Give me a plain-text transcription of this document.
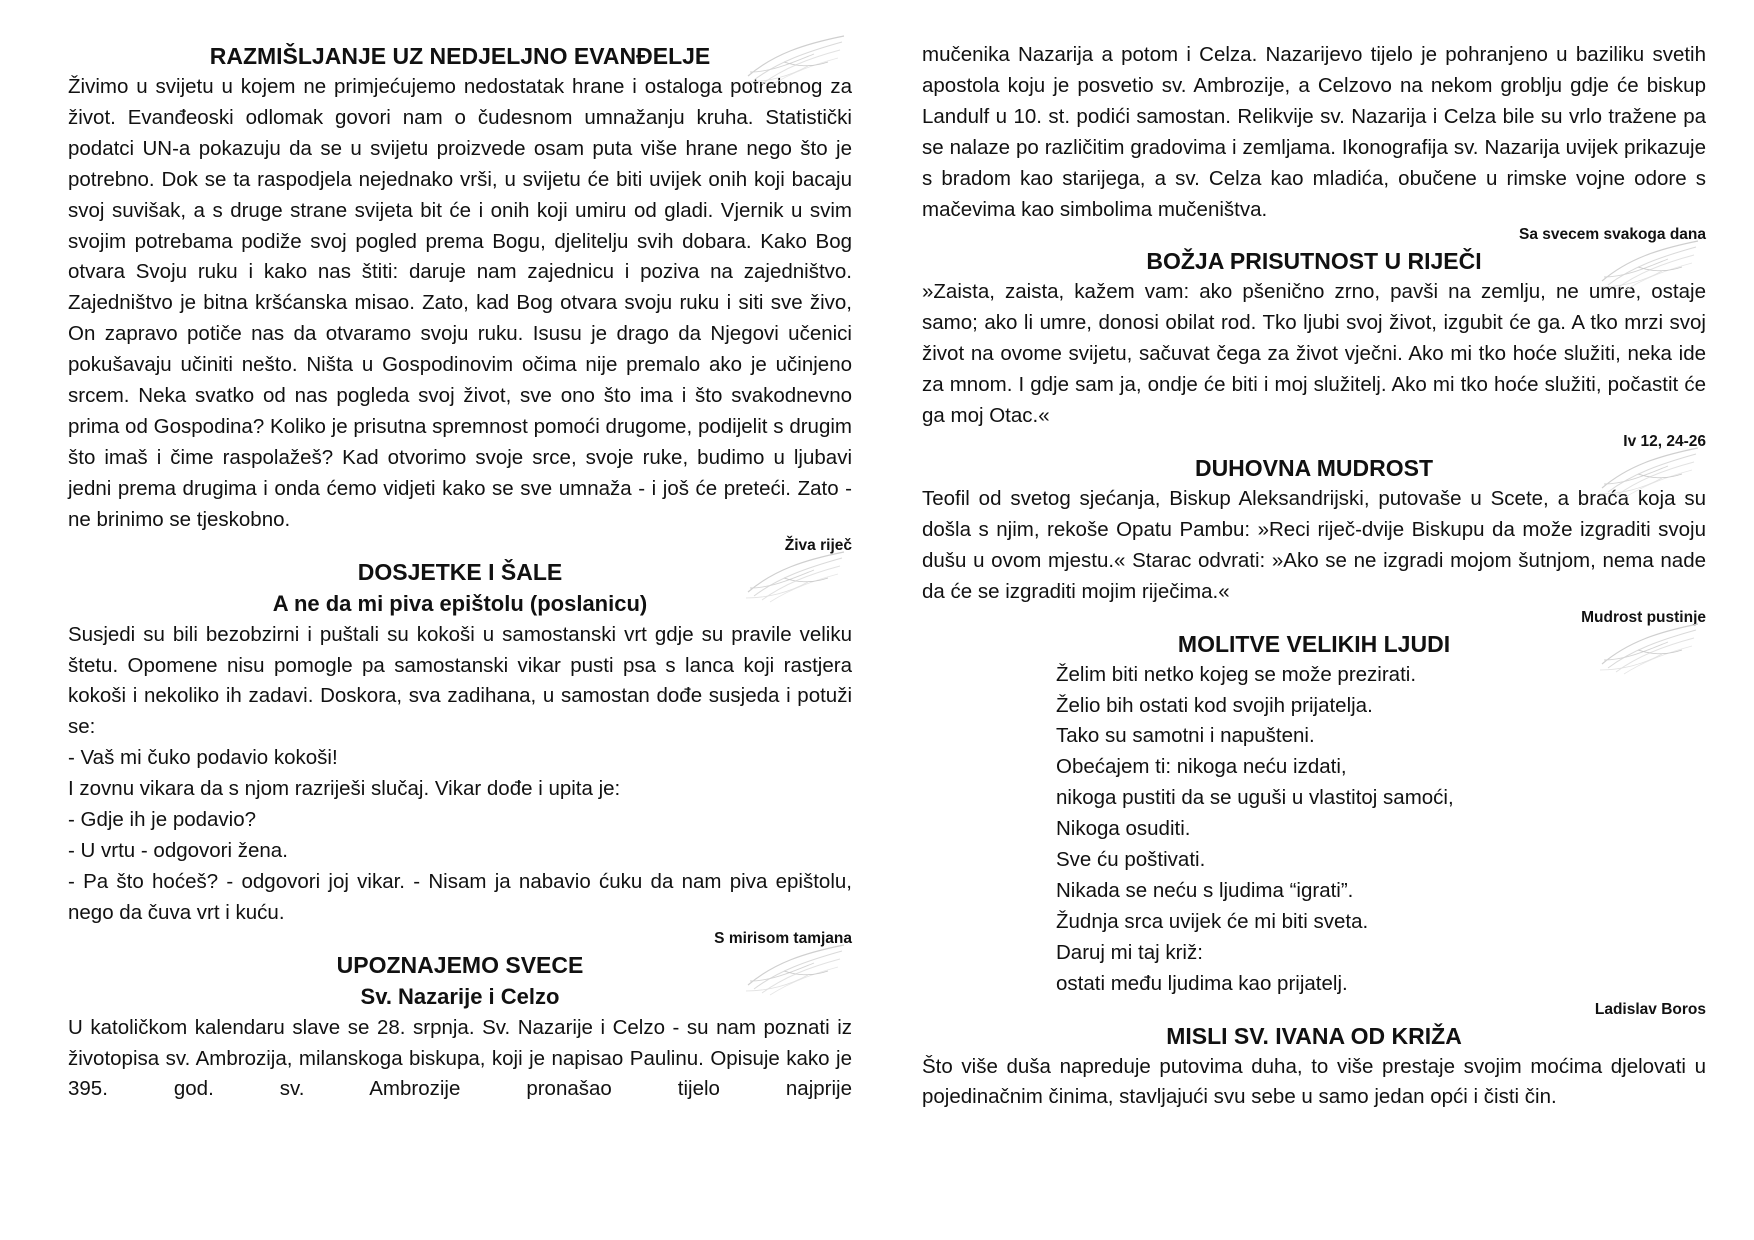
RAZMIŠLJANJE UZ NEDJELJNO EVANĐELJE

Živimo u svijetu u kojem ne primjećujemo nedostatak hrane i ostaloga potrebnog za život. Evanđeoski odlomak govori nam o čudesnom umnažanju kruha. Statistički podatci UN-a pokazuju da se u svijetu proizvede osam puta više hrane nego što je potrebno. Dok se ta raspodjela nejednako vrši, u svijetu će biti uvijek onih koji bacaju svoj suvišak, a s druge strane svijeta bit će i onih koji umiru od gladi. Vjernik u svim svojim potrebama podiže svoj pogled prema Bogu, djelitelju svih dobara. Kako Bog otvara Svoju ruku i kako nas štiti: daruje nam zajednicu i poziva na zajedništvo. Zajedništvo je bitna kršćanska misao. Zato, kad Bog otvara svoju ruku i siti sve živo, On zapravo potiče nas da otvaramo svoju ruku. Isusu je drago da Njegovi učenici pokušavaju učiniti nešto. Ništa u Gospodinovim očima nije premalo ako je učinjeno srcem. Neka svatko od nas pogleda svoj život, sve ono što ima i što svakodnevno prima od Gospodina? Koliko je prisutna spremnost pomoći drugome, podijelit s drugim što imaš i čime raspolažeš? Kad otvorimo svoje srce, svoje ruke, budimo u ljubavi jedni prema drugima i onda ćemo vidjeti kako se sve umnaža - i još će preteći. Zato - ne brinimo se tjeskobno.

Živa riječ

DOSJETKE I ŠALE

A ne da mi piva epištolu (poslanicu)

Susjedi su bili bezobzirni i puštali su kokoši u samostanski vrt gdje su pravile veliku štetu. Opomene nisu pomogle pa samostanski vikar pusti psa s lanca koji rastjera kokoši i nekoliko ih zadavi. Doskora, sva zadihana, u samostan dođe susjeda i potuži se:

- Vaš mi čuko podavio kokoši!

I zovnu vikara da s njom razriješi slučaj. Vikar dođe i upita je:

- Gdje ih je podavio?

- U vrtu - odgovori žena.

- Pa što hoćeš? - odgovori joj vikar. - Nisam ja nabavio ćuku da nam piva epištolu, nego da čuva vrt i kuću.

S mirisom tamjana

UPOZNAJEMO SVECE

Sv. Nazarije i Celzo

U katoličkom kalendaru slave se 28. srpnja. Sv. Nazarije i Celzo - su nam poznati iz životopisa sv. Ambrozija, milanskoga biskupa, koji je napisao Paulinu. Opisuje kako je 395. god. sv. Ambrozije pronašao tijelo najprije

mučenika Nazarija a potom i Celza. Nazarijevo tijelo je pohranjeno u baziliku svetih apostola koju je posvetio sv. Ambrozije, a Celzovo na nekom groblju gdje će biskup Landulf u 10. st. podići samostan. Relikvije sv. Nazarija i Celza bile su vrlo tražene pa se nalaze po različitim gradovima i zemljama. Ikonografija sv. Nazarija uvijek prikazuje s bradom kao starijega, a sv. Celza kao mladića, obučene u rimske vojne odore s mačevima kao simbolima mučeništva.

Sa svecem svakoga dana

BOŽJA PRISUTNOST U RIJEČI

»Zaista, zaista, kažem vam: ako pšenično zrno, pavši na zemlju, ne umre, ostaje samo; ako li umre, donosi obilat rod. Tko ljubi svoj život, izgubit će ga. A tko mrzi svoj život na ovome svijetu, sačuvat čega za život vječni. Ako mi tko hoće služiti, neka ide za mnom. I gdje sam ja, ondje će biti i moj služitelj. Ako mi tko hoće služiti, počastit će ga moj Otac.«

Iv 12, 24-26

DUHOVNA MUDROST

Teofil od svetog sjećanja, Biskup Aleksandrijski, putovaše u Scete, a braća koja su došla s njim, rekoše Opatu Pambu: »Reci riječ-dvije Biskupu da može izgraditi svoju dušu u ovom mjestu.« Starac odvrati: »Ako se ne izgradi mojom šutnjom, nema nade da će se izgraditi mojim riječima.«

Mudrost pustinje

MOLITVE VELIKIH LJUDI

Želim biti netko kojeg se može prezirati.

Želio bih ostati kod svojih prijatelja.

Tako su samotni i napušteni.

Obećajem ti: nikoga neću izdati,

nikoga pustiti da se uguši u vlastitoj samoći,

Nikoga osuditi.

Sve ću poštivati.

Nikada se neću s ljudima “igrati”.

Žudnja srca uvijek će mi biti sveta.

Daruj mi taj križ:

ostati među ljudima kao prijatelj.

Ladislav Boros

MISLI SV. IVANA OD KRIŽA

Što više duša napreduje putovima duha, to više prestaje svojim moćima djelovati u pojedinačnim činima, stavljajući svu sebe u samo jedan opći i čisti čin.
